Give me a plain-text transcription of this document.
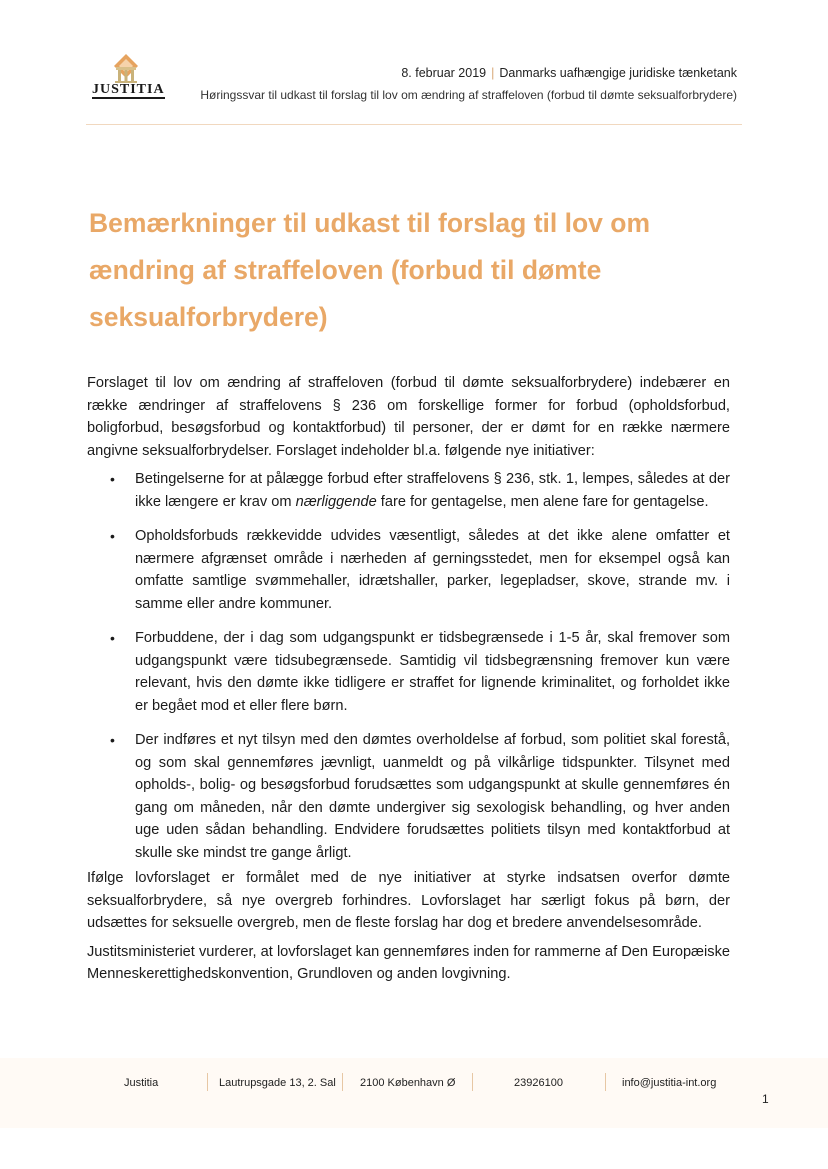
JUSTITIA
8. februar 2019 | Danmarks uafhængige juridiske tænketank
Høringssvar til udkast til forslag til lov om ændring af straffeloven (forbud til dømte seksualforbrydere)
Bemærkninger til udkast til forslag til lov om ændring af straffeloven (forbud til dømte seksualforbrydere)

Forslaget til lov om ændring af straffeloven (forbud til dømte seksualforbrydere) indebærer en række ændringer af straffelovens § 236 om forskellige former for forbud (opholdsforbud, boligforbud, besøgsforbud og kontaktforbud) til personer, der er dømt for en række nærmere angivne seksualforbrydelser. Forslaget indeholder bl.a. følgende nye initiativer:

• Betingelserne for at pålægge forbud efter straffelovens § 236, stk. 1, lempes, således at der ikke længere er krav om nærliggende fare for gentagelse, men alene fare for gentagelse.
• Opholdsforbuds rækkevidde udvides væsentligt, således at det ikke alene omfatter et nærmere afgrænset område i nærheden af gerningsstedet, men for eksempel også kan omfatte samtlige svømmehaller, idrætshaller, parker, legepladser, skove, strande mv. i samme eller andre kommuner.
• Forbuddene, der i dag som udgangspunkt er tidsbegrænsede i 1-5 år, skal fremover som udgangspunkt være tidsubegrænsede. Samtidig vil tidsbegrænsning fremover kun være relevant, hvis den dømte ikke tidligere er straffet for lignende kriminalitet, og forholdet ikke er begået mod et eller flere børn.
• Der indføres et nyt tilsyn med den dømtes overholdelse af forbud, som politiet skal forestå, og som skal gennemføres jævnligt, uanmeldt og på vilkårlige tidspunkter. Tilsynet med opholds-, bolig- og besøgsforbud forudsættes som udgangspunkt at skulle gennemføres én gang om måneden, når den dømte undergiver sig sexologisk behandling, og hver anden uge uden sådan behandling. Endvidere forudsættes politiets tilsyn med kontaktforbud at skulle ske mindst tre gange årligt.

Ifølge lovforslaget er formålet med de nye initiativer at styrke indsatsen overfor dømte seksualforbrydere, så nye overgreb forhindres. Lovforslaget har særligt fokus på børn, der udsættes for seksuelle overgreb, men de fleste forslag har dog et bredere anvendelsesområde.

Justitsministeriet vurderer, at lovforslaget kan gennemføres inden for rammerne af Den Europæiske Menneskerettighedskonvention, Grundloven og anden lovgivning.

Justitia	Lautrupsgade 13, 2. Sal 2100 København Ø	23926100	info@justitia-int.org
1
